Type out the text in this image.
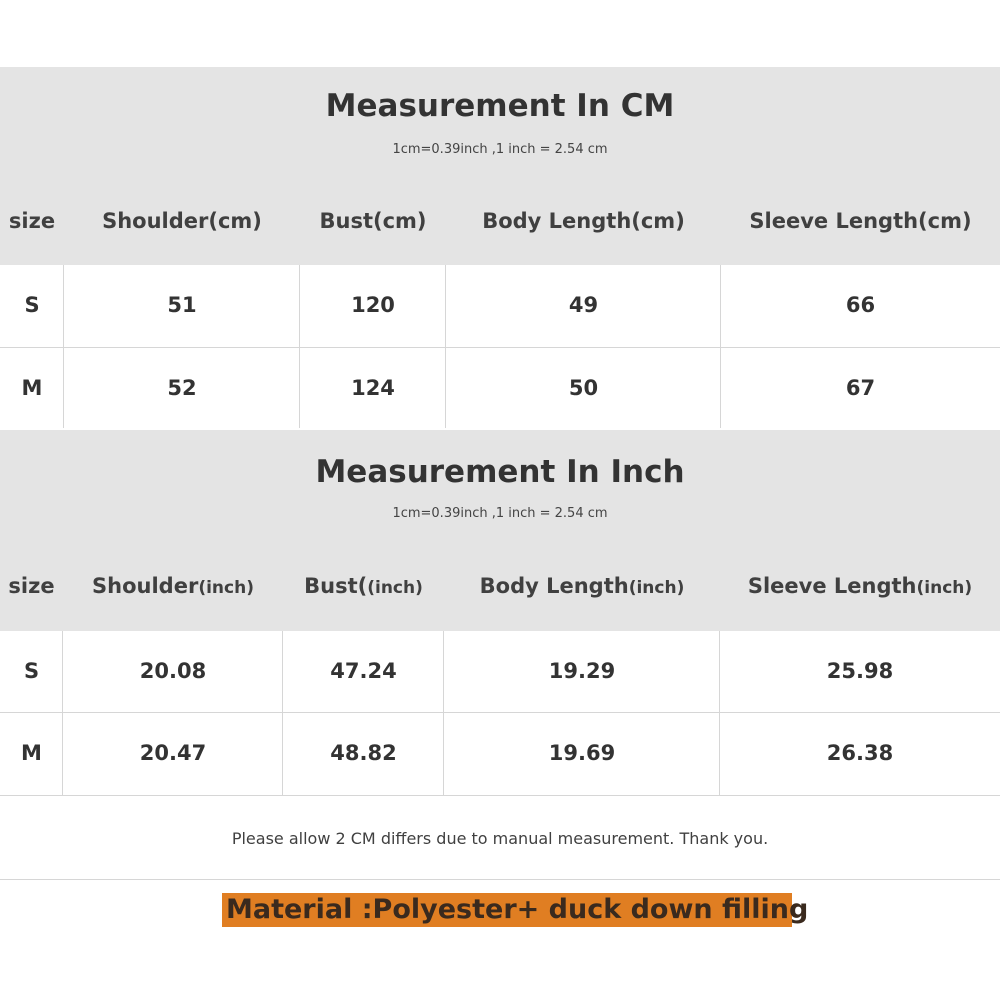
Measurement In CM
1cm=0.39inch ,1 inch = 2.54 cm
size	Shoulder(cm)	Bust(cm)	Body Length(cm)	Sleeve Length(cm)
S	51	120	49	66
M	52	124	50	67
Measurement In Inch
1cm=0.39inch ,1 inch = 2.54 cm
size	Shoulder(inch)	Bust((inch)	Body Length(inch)	Sleeve Length(inch)
S	20.08	47.24	19.29	25.98
M	20.47	48.82	19.69	26.38
Please allow 2 CM differs due to manual measurement. Thank you.
Material :Polyester+ duck down filling
